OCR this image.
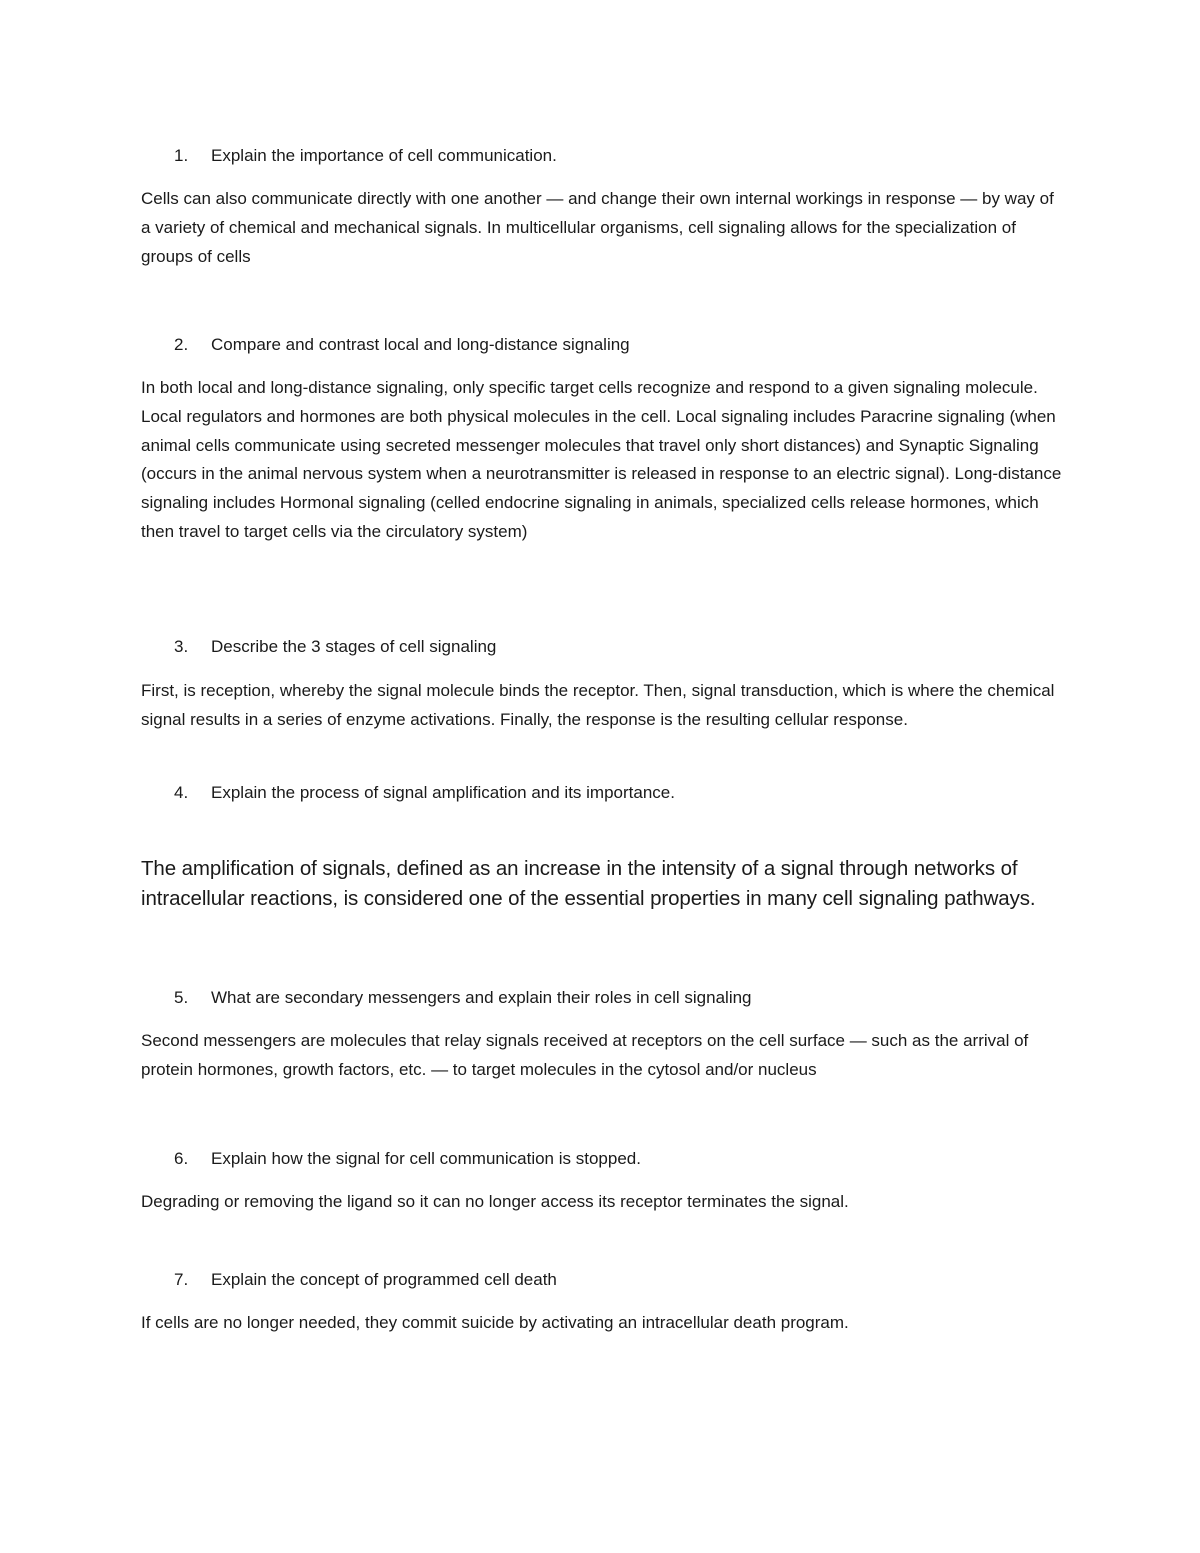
1. Explain the importance of cell communication.
Cells can also communicate directly with one another — and change their own internal workings in response — by way of a variety of chemical and mechanical signals. In multicellular organisms, cell signaling allows for the specialization of groups of cells
2. Compare and contrast local and long-distance signaling
In both local and long-distance signaling, only specific target cells recognize and respond to a given signaling molecule. Local regulators and hormones are both physical molecules in the cell. Local signaling includes Paracrine signaling (when animal cells communicate using secreted messenger molecules that travel only short distances) and Synaptic Signaling (occurs in the animal nervous system when a neurotransmitter is released in response to an electric signal). Long-distance signaling includes Hormonal signaling (celled endocrine signaling in animals, specialized cells release hormones, which then travel to target cells via the circulatory system)
3. Describe the 3 stages of cell signaling
First, is reception, whereby the signal molecule binds the receptor. Then, signal transduction, which is where the chemical signal results in a series of enzyme activations. Finally, the response is the resulting cellular response.
4. Explain the process of signal amplification and its importance.
The amplification of signals, defined as an increase in the intensity of a signal through networks of intracellular reactions, is considered one of the essential properties in many cell signaling pathways.
5. What are secondary messengers and explain their roles in cell signaling
Second messengers are molecules that relay signals received at receptors on the cell surface — such as the arrival of protein hormones, growth factors, etc. — to target molecules in the cytosol and/or nucleus
6. Explain how the signal for cell communication is stopped.
Degrading or removing the ligand so it can no longer access its receptor terminates the signal.
7. Explain the concept of programmed cell death
If cells are no longer needed, they commit suicide by activating an intracellular death program.
